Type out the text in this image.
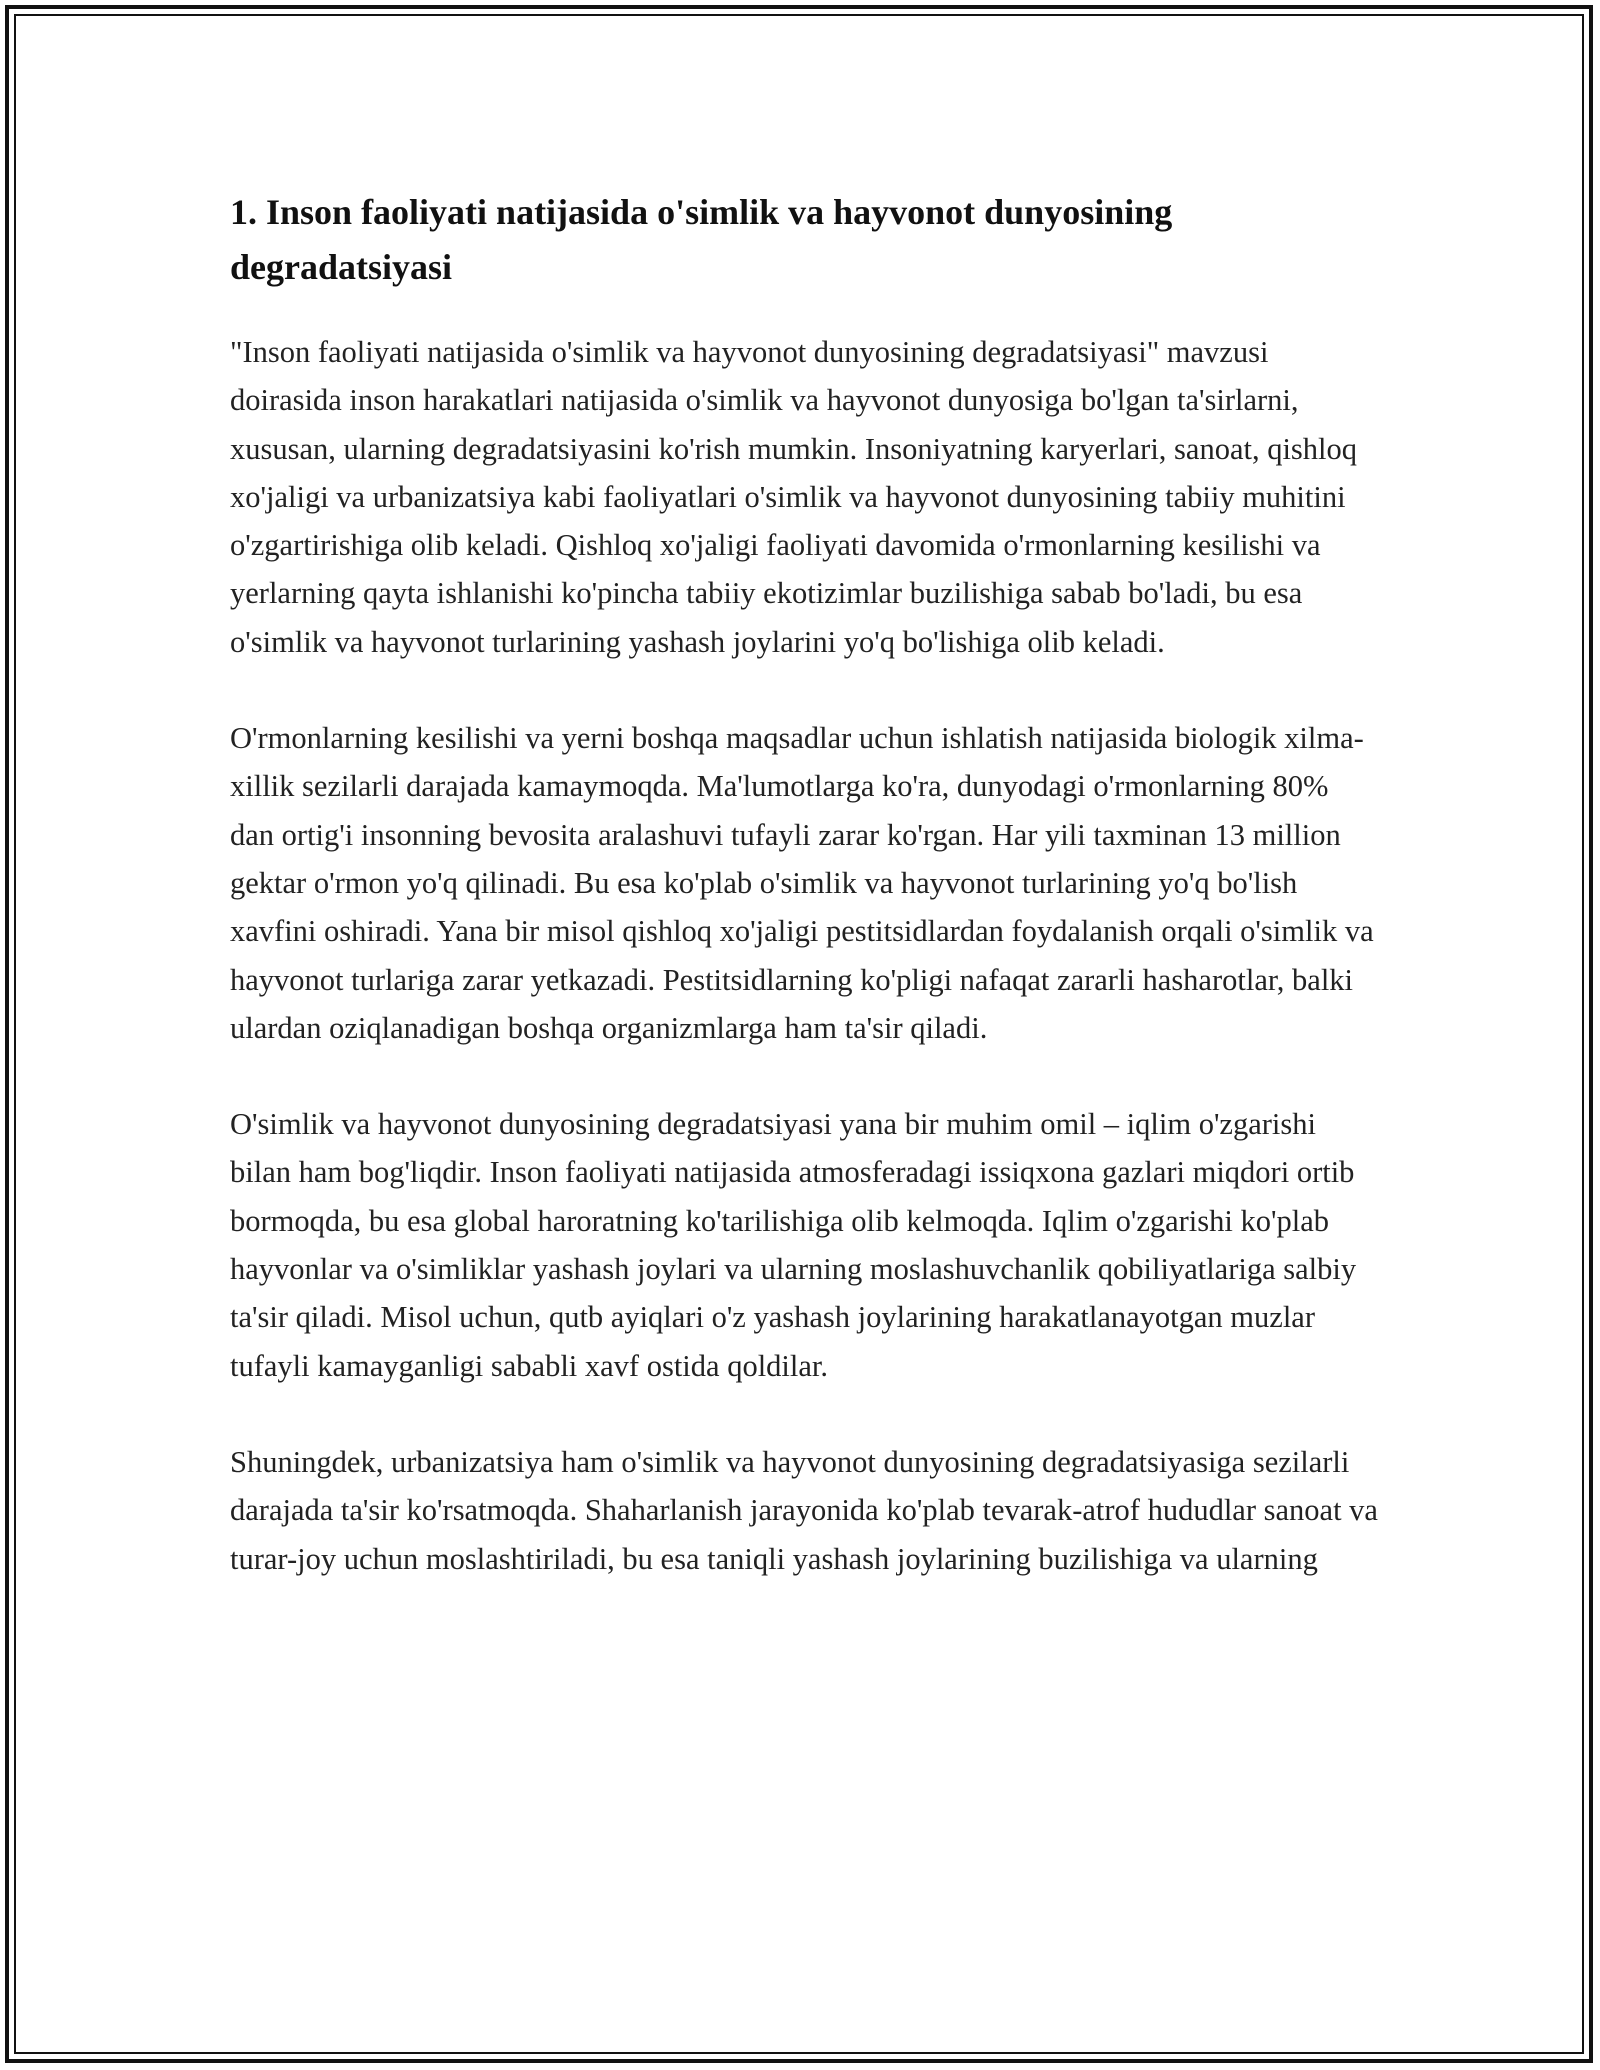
1. Inson faoliyati natijasida o'simlik va hayvonot dunyosining degradatsiyasi

"Inson faoliyati natijasida o'simlik va hayvonot dunyosining degradatsiyasi" mavzusi doirasida inson harakatlari natijasida o'simlik va hayvonot dunyosiga bo'lgan ta'sirlarni, xususan, ularning degradatsiyasini ko'rish mumkin. Insoniyatning karyerlari, sanoat, qishloq xo'jaligi va urbanizatsiya kabi faoliyatlari o'simlik va hayvonot dunyosining tabiiy muhitini o'zgartirishiga olib keladi. Qishloq xo'jaligi faoliyati davomida o'rmonlarning kesilishi va yerlarning qayta ishlanishi ko'pincha tabiiy ekotizimlar buzilishiga sabab bo'ladi, bu esa o'simlik va hayvonot turlarining yashash joylarini yo'q bo'lishiga olib keladi.

O'rmonlarning kesilishi va yerni boshqa maqsadlar uchun ishlatish natijasida biologik xilma-xillik sezilarli darajada kamaymoqda. Ma'lumotlarga ko'ra, dunyodagi o'rmonlarning 80% dan ortig'i insonning bevosita aralashuvi tufayli zarar ko'rgan. Har yili taxminan 13 million gektar o'rmon yo'q qilinadi. Bu esa ko'plab o'simlik va hayvonot turlarining yo'q bo'lish xavfini oshiradi. Yana bir misol qishloq xo'jaligi pestitsidlardan foydalanish orqali o'simlik va hayvonot turlariga zarar yetkazadi. Pestitsidlarning ko'pligi nafaqat zararli hasharotlar, balki ulardan oziqlanadigan boshqa organizmlarga ham ta'sir qiladi.

O'simlik va hayvonot dunyosining degradatsiyasi yana bir muhim omil – iqlim o'zgarishi bilan ham bog'liqdir. Inson faoliyati natijasida atmosferadagi issiqxona gazlari miqdori ortib bormoqda, bu esa global haroratning ko'tarilishiga olib kelmoqda. Iqlim o'zgarishi ko'plab hayvonlar va o'simliklar yashash joylari va ularning moslashuvchanlik qobiliyatlariga salbiy ta'sir qiladi. Misol uchun, qutb ayiqlari o'z yashash joylarining harakatlanayotgan muzlar tufayli kamayganligi sababli xavf ostida qoldilar.

Shuningdek, urbanizatsiya ham o'simlik va hayvonot dunyosining degradatsiyasiga sezilarli darajada ta'sir ko'rsatmoqda. Shaharlanish jarayonida ko'plab tevarak-atrof hududlar sanoat va turar-joy uchun moslashtiriladi, bu esa taniqli yashash joylarining buzilishiga va ularning
